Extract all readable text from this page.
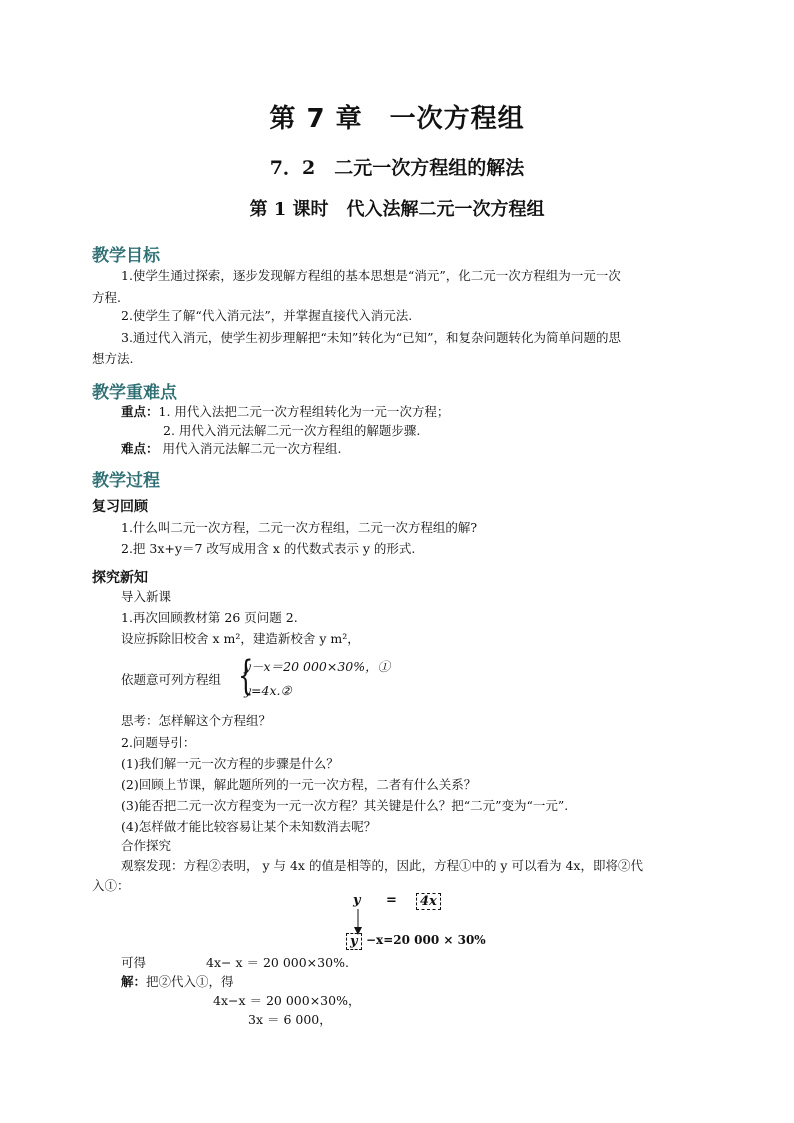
第 7 章　一次方程组
7．2　二元一次方程组的解法
第 1 课时　代入法解二元一次方程组
教学目标
1.使学生通过探索，逐步发现解方程组的基本思想是“消元”，化二元一次方程组为一元一次
方程.
2.使学生了解“代入消元法”，并掌握直接代入消元法.
3.通过代入消元，使学生初步理解把“未知”转化为“已知”，和复杂问题转化为简单问题的思
想方法.
教学重难点
重点：1. 用代入法把二元一次方程组转化为一元一次方程；
2. 用代入消元法解二元一次方程组的解题步骤.
难点： 用代入消元法解二元一次方程组.
教学过程
复习回顾
1.什么叫二元一次方程，二元一次方程组，二元一次方程组的解?
2.把 3x+y＝7 改写成用含 x 的代数式表示 y 的形式.
探究新知
导入新课
1.再次回顾教材第 26 页问题 2.
设应拆除旧校舍 x m²，建造新校舍 y m²，
依题意可列方程组 {
y－x＝20 000×30%，①
y=4x.②
思考：怎样解这个方程组？
2.问题导引：
(1)我们解一元一次方程的步骤是什么？
(2)回顾上节课，解此题所列的一元一次方程，二者有什么关系？
(3)能否把二元一次方程变为一元一次方程？其关键是什么？把“二元”变为“一元”.
(4)怎样做才能比较容易让某个未知数消去呢？
合作探究
观察发现：方程②表明， y 与 4x 的值是相等的，因此，方程①中的 y 可以看为 4x，即将②代
入①：
y =	4x
y −x=20 000 × 30%
可得	4x− x ＝ 20 000×30%.
解：把②代入①，得
4x−x ＝ 20 000×30%，
3x ＝ 6 000，
